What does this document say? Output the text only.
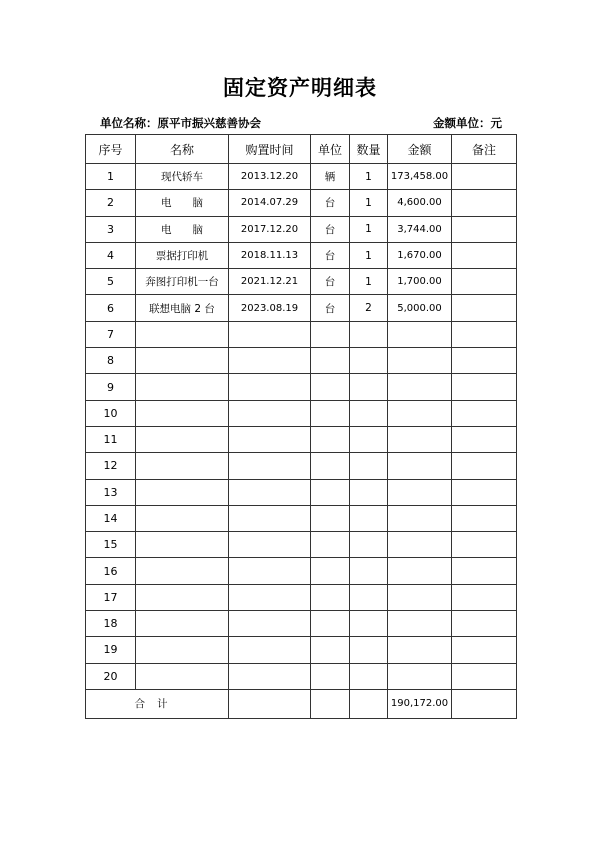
固定资产明细表
单位名称：原平市振兴慈善协会	金额单位：元
序号	名称	购置时间	单位	数量	金额	备注
1	现代轿车	2013.12.20	辆	1	173,458.00	
2	电　　脑	2014.07.29	台	1	4,600.00	
3	电　　脑	2017.12.20	台	1	3,744.00	
4	票据打印机	2018.11.13	台	1	1,670.00	
5	奔图打印机一台	2021.12.21	台	1	1,700.00	
6	联想电脑 2 台	2023.08.19	台	2	5,000.00	
7						
8						
9						
10						
11						
12						
13						
14						
15						
16						
17						
18						
19						
20						
合计					190,172.00	
